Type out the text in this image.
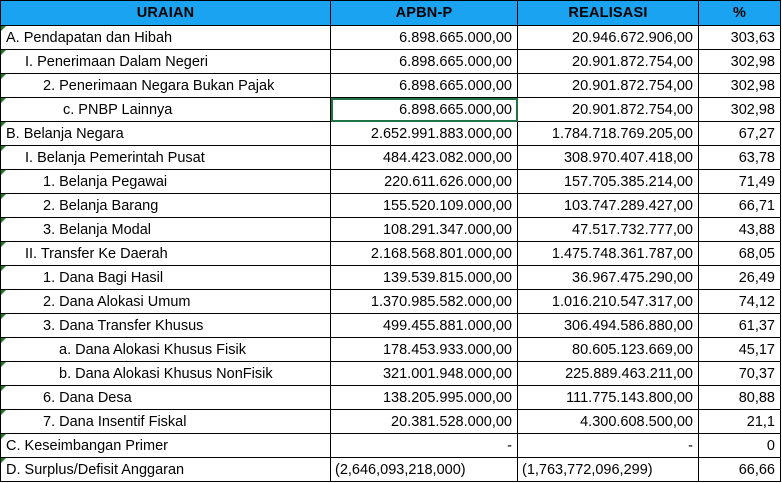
URAIAN	APBN-P	REALISASI	%
A. Pendapatan dan Hibah	6.898.665.000,00	20.946.672.906,00	303,63
I. Penerimaan Dalam Negeri	6.898.665.000,00	20.901.872.754,00	302,98
2. Penerimaan Negara Bukan Pajak	6.898.665.000,00	20.901.872.754,00	302,98
c. PNBP Lainnya	6.898.665.000,00	20.901.872.754,00	302,98
B. Belanja Negara	2.652.991.883.000,00	1.784.718.769.205,00	67,27
I. Belanja Pemerintah Pusat	484.423.082.000,00	308.970.407.418,00	63,78
1. Belanja Pegawai	220.611.626.000,00	157.705.385.214,00	71,49
2. Belanja Barang	155.520.109.000,00	103.747.289.427,00	66,71
3. Belanja Modal	108.291.347.000,00	47.517.732.777,00	43,88
II. Transfer Ke Daerah	2.168.568.801.000,00	1.475.748.361.787,00	68,05
1. Dana Bagi Hasil	139.539.815.000,00	36.967.475.290,00	26,49
2. Dana Alokasi Umum	1.370.985.582.000,00	1.016.210.547.317,00	74,12
3. Dana Transfer Khusus	499.455.881.000,00	306.494.586.880,00	61,37
a. Dana Alokasi Khusus Fisik	178.453.933.000,00	80.605.123.669,00	45,17
b. Dana Alokasi Khusus NonFisik	321.001.948.000,00	225.889.463.211,00	70,37
6. Dana Desa	138.205.995.000,00	111.775.143.800,00	80,88
7. Dana Insentif Fiskal	20.381.528.000,00	4.300.608.500,00	21,1
C. Keseimbangan Primer	-	-	0
D. Surplus/Defisit Anggaran	(2,646,093,218,000)	(1,763,772,096,299)	66,66
